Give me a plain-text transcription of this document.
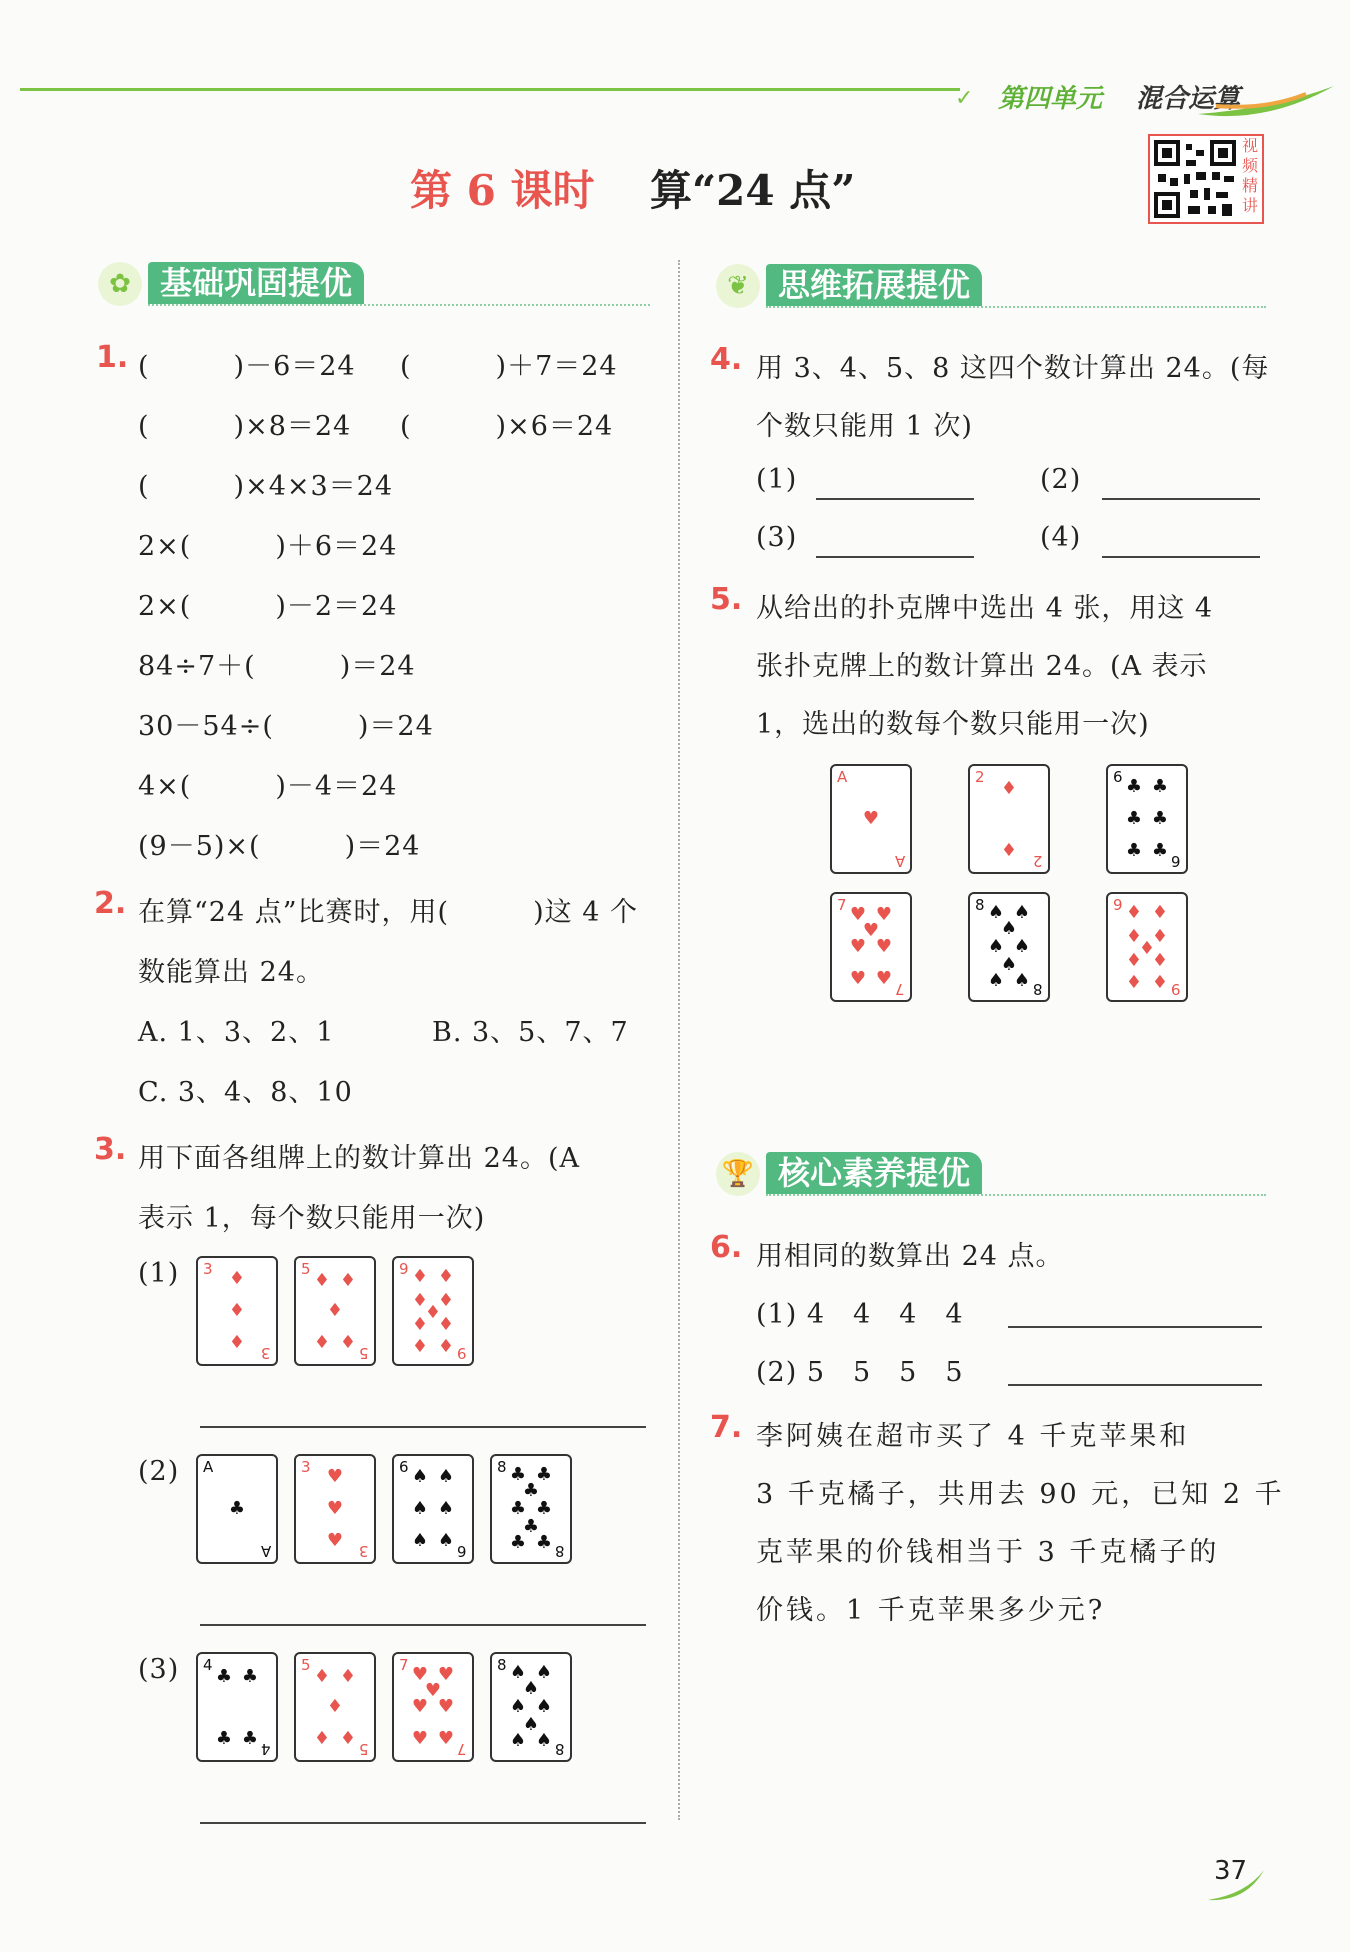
✓ 第四单元 混合运算
第 6 课时 算“24 点”
视频精讲
✿ 基础巩固提优
1. (　　　)－6＝24 (　　　)＋7＝24
(　　　)×8＝24 (　　　)×6＝24
(　　　)×4×3＝24
2×(　　　)＋6＝24
2×(　　　)－2＝24
84÷7＋(　　　)＝24
30－54÷(　　　)＝24
4×(　　　)－4＝24
(9－5)×(　　　)＝24
2. 在算“24 点”比赛时，用(　　　)这 4 个
数能算出 24。
A. 1、3、2、1	B. 3、5、7、7
C. 3、4、8、10
3. 用下面各组牌上的数计算出 24。(A
表示 1，每个数只能用一次)
(1) 3
3
♦
♦
♦
5
5
♦ ♦
♦
♦ ♦
9
9
♦ ♦
♦ ♦
♦
♦ ♦
♦ ♦
(2) A
A
♣
3
3
♥
♥
♥
6
6
♠ ♠
♠ ♠
♠ ♠
8
8
♣ ♣
♣
♣ ♣
♣
♣ ♣
(3) 4
4
♣ ♣
♣ ♣
5
5
♦ ♦
♦
♦ ♦
7
7
♥ ♥
♥
♥ ♥
♥ ♥
8
8
♠ ♠
♠
♠ ♠
♠
♠ ♠
❦ 思维拓展提优
4. 用 3、4、5、8 这四个数计算出 24。(每
个数只能用 1 次)
(1)	(2)
(3)	(4)
5. 从给出的扑克牌中选出 4 张，用这 4
张扑克牌上的数计算出 24。(A 表示
1，选出的数每个数只能用一次)
A
A
♥
2
2
♦
♦
6
6
♣ ♣
♣ ♣
♣ ♣
7
7
♥ ♥
♥
♥ ♥
♥ ♥
8
8
♠ ♠
♠
♠ ♠
♠
♠ ♠
9
9
♦ ♦
♦ ♦
♦
♦ ♦
♦ ♦
🏆 核心素养提优
6. 用相同的数算出 24 点。
(1) 4　4　4　4
(2) 5　5　5　5
7. 李阿姨在超市买了 4 千克苹果和
3 千克橘子，共用去 90 元，已知 2 千
克苹果的价钱相当于 3 千克橘子的
价钱。1 千克苹果多少元?
37
